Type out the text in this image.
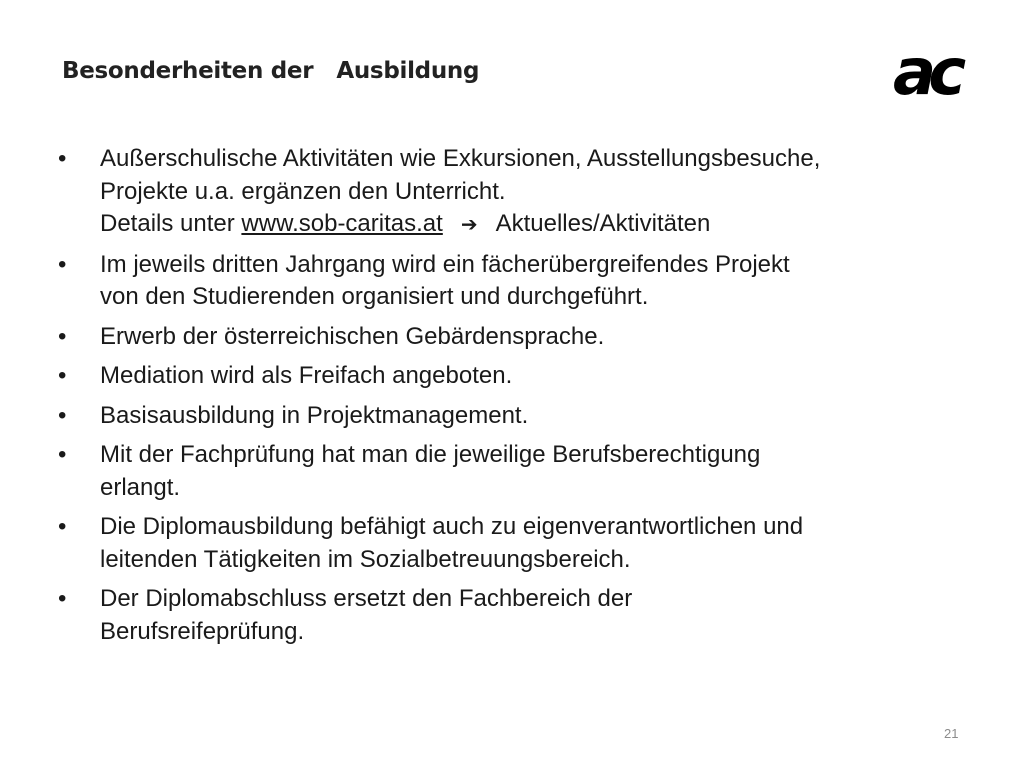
Besonderheiten der   Ausbildung	ac
• Außerschulische Aktivitäten wie Exkursionen, Ausstellungsbesuche,
Projekte u.a. ergänzen den Unterricht.
Details unter www.sob-caritas.at ➔ Aktuelles/Aktivitäten
• Im jeweils dritten Jahrgang wird ein fächerübergreifendes Projekt
von den Studierenden organisiert und durchgeführt.
• Erwerb der österreichischen Gebärdensprache.
• Mediation wird als Freifach angeboten.
• Basisausbildung in Projektmanagement.
• Mit der Fachprüfung hat man die jeweilige Berufsberechtigung
erlangt.
• Die Diplomausbildung befähigt auch zu eigenverantwortlichen und
leitenden Tätigkeiten im Sozialbetreuungsbereich.
• Der Diplomabschluss ersetzt den Fachbereich der
Berufsreifeprüfung.
21
